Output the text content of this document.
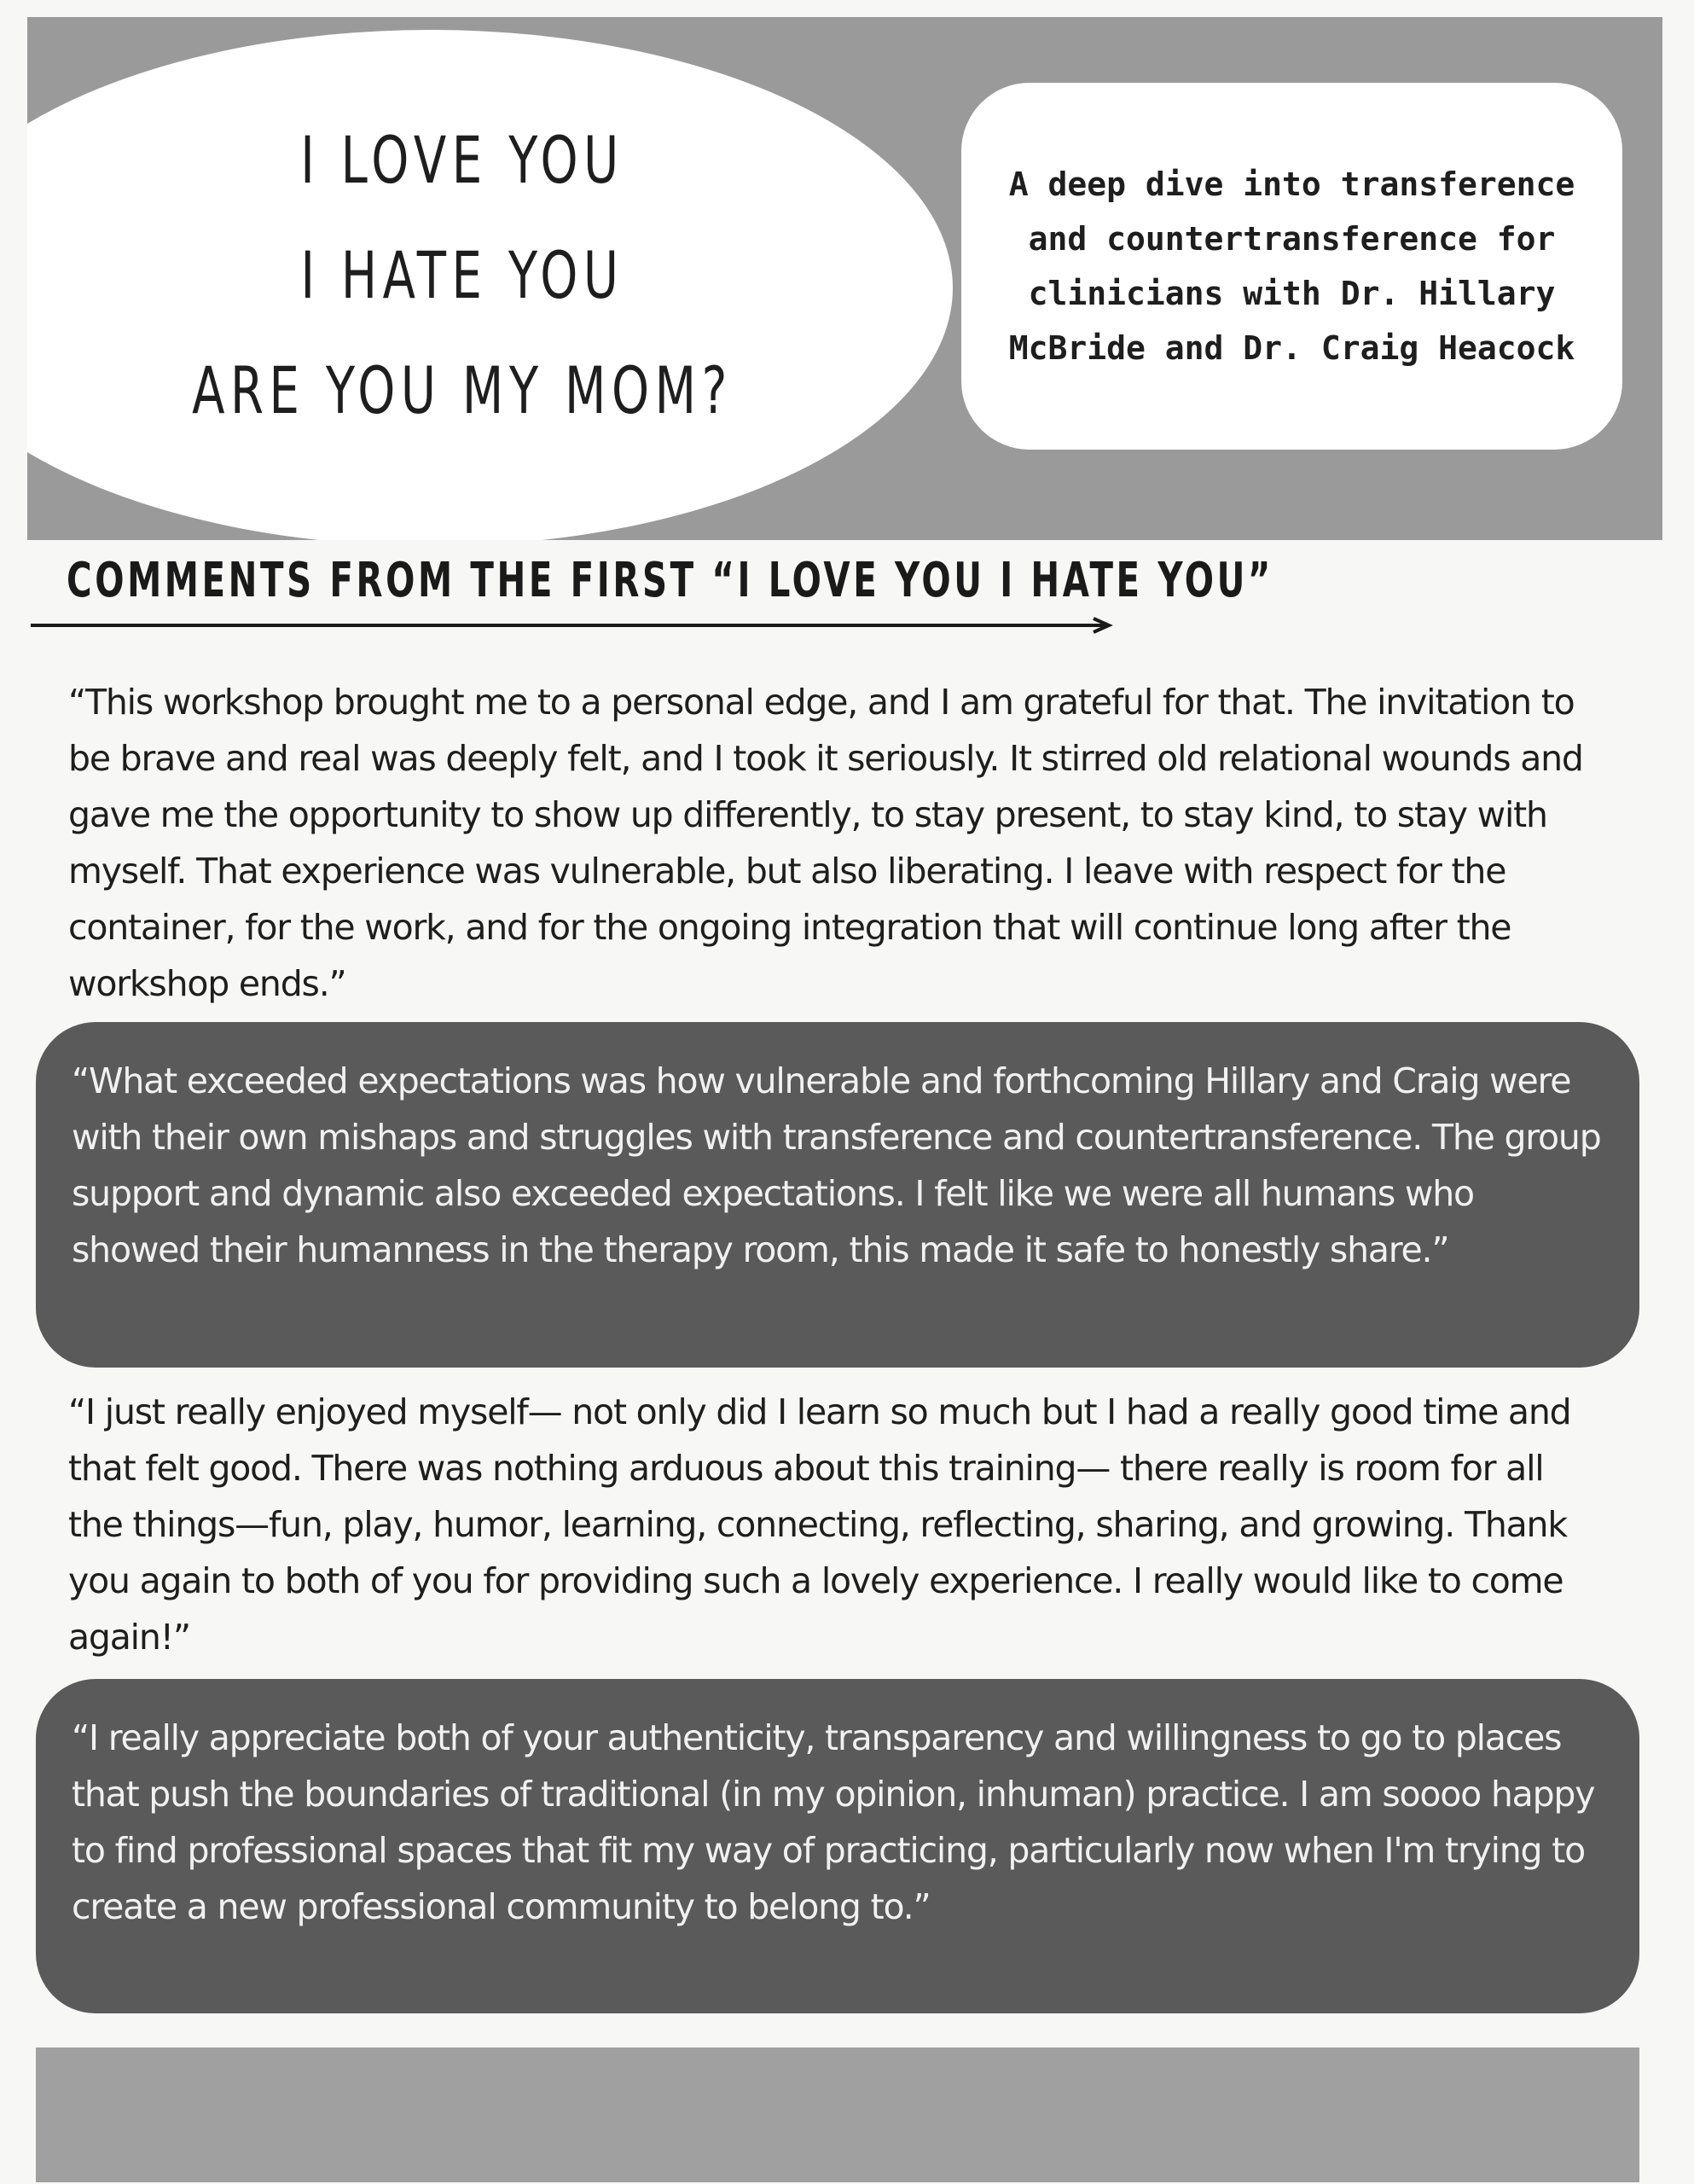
I LOVE YOU
I HATE YOU
ARE YOU MY MOM?
A deep dive into transference and countertransference for clinicians with Dr. Hillary McBride and Dr. Craig Heacock
COMMENTS FROM THE FIRST “I LOVE YOU I HATE YOU”
“This workshop brought me to a personal edge, and I am grateful for that. The invitation to be brave and real was deeply felt, and I took it seriously. It stirred old relational wounds and gave me the opportunity to show up differently, to stay present, to stay kind, to stay with myself. That experience was vulnerable, but also liberating. I leave with respect for the container, for the work, and for the ongoing integration that will continue long after the workshop ends.”
“What exceeded expectations was how vulnerable and forthcoming Hillary and Craig were with their own mishaps and struggles with transference and countertransference. The group support and dynamic also exceeded expectations. I felt like we were all humans who showed their humanness in the therapy room, this made it safe to honestly share.”
“I just really enjoyed myself— not only did I learn so much but I had a really good time and that felt good. There was nothing arduous about this training— there really is room for all the things—fun, play, humor, learning, connecting, reflecting, sharing, and growing. Thank you again to both of you for providing such a lovely experience. I really would like to come again!”
“I really appreciate both of your authenticity, transparency and willingness to go to places that push the boundaries of traditional (in my opinion, inhuman) practice. I am soooo happy to find professional spaces that fit my way of practicing, particularly now when I'm trying to create a new professional community to belong to.”
